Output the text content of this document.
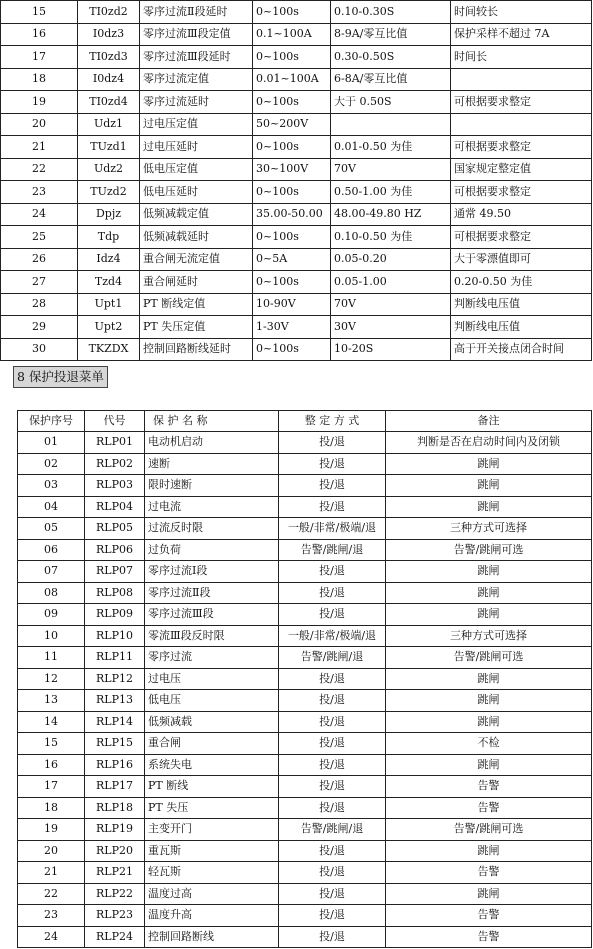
15	TI0zd2	零序过流Ⅱ段延时	0~100s	0.10-0.30S	时间较长
16	I0dz3	零序过流Ⅲ段定值	0.1~100A	8-9A/零互比值	保护采样不超过 7A
17	TI0zd3	零序过流Ⅲ段延时	0~100s	0.30-0.50S	时间长
18	I0dz4	零序过流定值	0.01~100A	6-8A/零互比值	
19	TI0zd4	零序过流延时	0~100s	大于 0.50S	可根据要求整定
20	Udz1	过电压定值	50~200V		
21	TUzd1	过电压延时	0~100s	0.01-0.50 为佳	可根据要求整定
22	Udz2	低电压定值	30~100V	70V	国家规定整定值
23	TUzd2	低电压延时	0~100s	0.50-1.00 为佳	可根据要求整定
24	Dpjz	低频减载定值	35.00-50.00	48.00-49.80 HZ	通常 49.50
25	Tdp	低频减载延时	0~100s	0.10-0.50 为佳	可根据要求整定
26	Idz4	重合闸无流定值	0~5A	0.05-0.20	大于零漂值即可
27	Tzd4	重合闸延时	0~100s	0.05-1.00	0.20-0.50 为佳
28	Upt1	PT 断线定值	10-90V	70V	判断线电压值
29	Upt2	PT 失压定值	1-30V	30V	判断线电压值
30	TKZDX	控制回路断线延时	0~100s	10-20S	高于开关接点闭合时间
8 保护投退菜单
保护序号	代号	保 护 名 称	整 定 方 式	备注
01	RLP01	电动机启动	投/退	判断是否在启动时间内及闭锁
02	RLP02	速断	投/退	跳闸
03	RLP03	限时速断	投/退	跳闸
04	RLP04	过电流	投/退	跳闸
05	RLP05	过流反时限	一般/非常/极端/退	三种方式可选择
06	RLP06	过负荷	告警/跳闸/退	告警/跳闸可选
07	RLP07	零序过流Ⅰ段	投/退	跳闸
08	RLP08	零序过流Ⅱ段	投/退	跳闸
09	RLP09	零序过流Ⅲ段	投/退	跳闸
10	RLP10	零流Ⅲ段反时限	一般/非常/极端/退	三种方式可选择
11	RLP11	零序过流	告警/跳闸/退	告警/跳闸可选
12	RLP12	过电压	投/退	跳闸
13	RLP13	低电压	投/退	跳闸
14	RLP14	低频减载	投/退	跳闸
15	RLP15	重合闸	投/退	不检
16	RLP16	系统失电	投/退	跳闸
17	RLP17	PT 断线	投/退	告警
18	RLP18	PT 失压	投/退	告警
19	RLP19	主变开门	告警/跳闸/退	告警/跳闸可选
20	RLP20	重瓦斯	投/退	跳闸
21	RLP21	轻瓦斯	投/退	告警
22	RLP22	温度过高	投/退	跳闸
23	RLP23	温度升高	投/退	告警
24	RLP24	控制回路断线	投/退	告警
